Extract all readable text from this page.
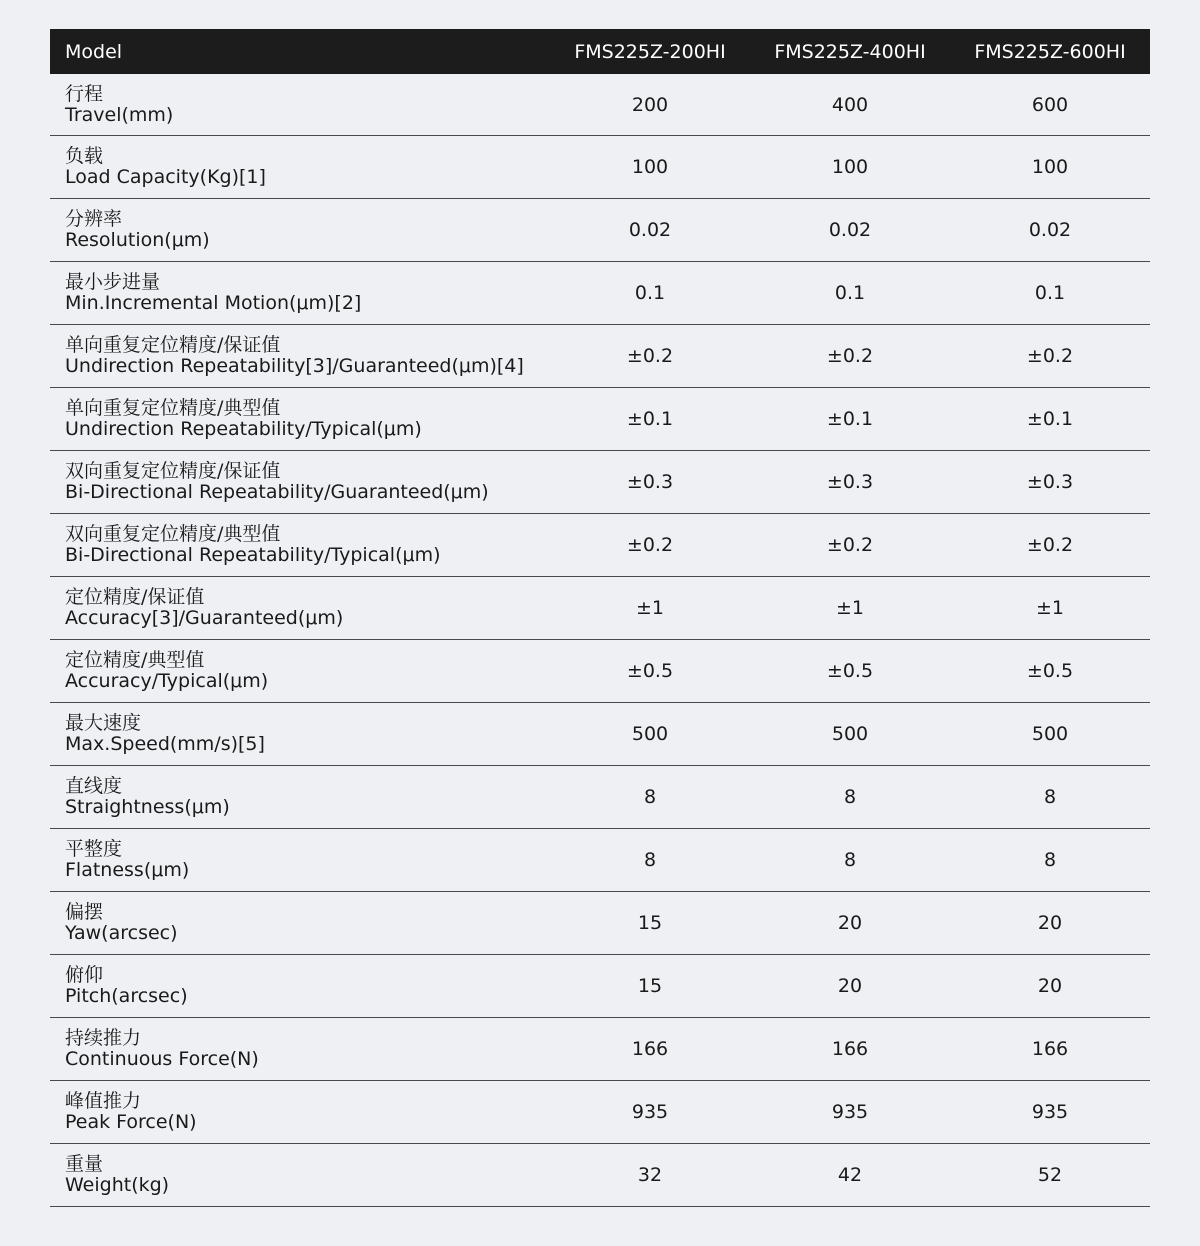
Model	FMS225Z-200HI	FMS225Z-400HI	FMS225Z-600HI

行程
Travel(mm)	200	400	600

负载
Load Capacity(Kg)[1]	100	100	100

分辨率
Resolution(μm)	0.02	0.02	0.02

最小步进量
Min.Incremental Motion(μm)[2]	0.1	0.1	0.1

单向重复定位精度/保证值
Undirection Repeatability[3]/Guaranteed(μm)[4]	±0.2	±0.2	±0.2

单向重复定位精度/典型值
Undirection Repeatability/Typical(μm)	±0.1	±0.1	±0.1

双向重复定位精度/保证值
Bi-Directional Repeatability/Guaranteed(μm)	±0.3	±0.3	±0.3

双向重复定位精度/典型值
Bi-Directional Repeatability/Typical(μm)	±0.2	±0.2	±0.2

定位精度/保证值
Accuracy[3]/Guaranteed(μm)	±1	±1	±1

定位精度/典型值
Accuracy/Typical(μm)	±0.5	±0.5	±0.5

最大速度
Max.Speed(mm/s)[5]	500	500	500

直线度
Straightness(μm)	8	8	8

平整度
Flatness(μm)	8	8	8

偏摆
Yaw(arcsec)	15	20	20

俯仰
Pitch(arcsec)	15	20	20

持续推力
Continuous Force(N)	166	166	166

峰值推力
Peak Force(N)	935	935	935

重量
Weight(kg)	32	42	52
